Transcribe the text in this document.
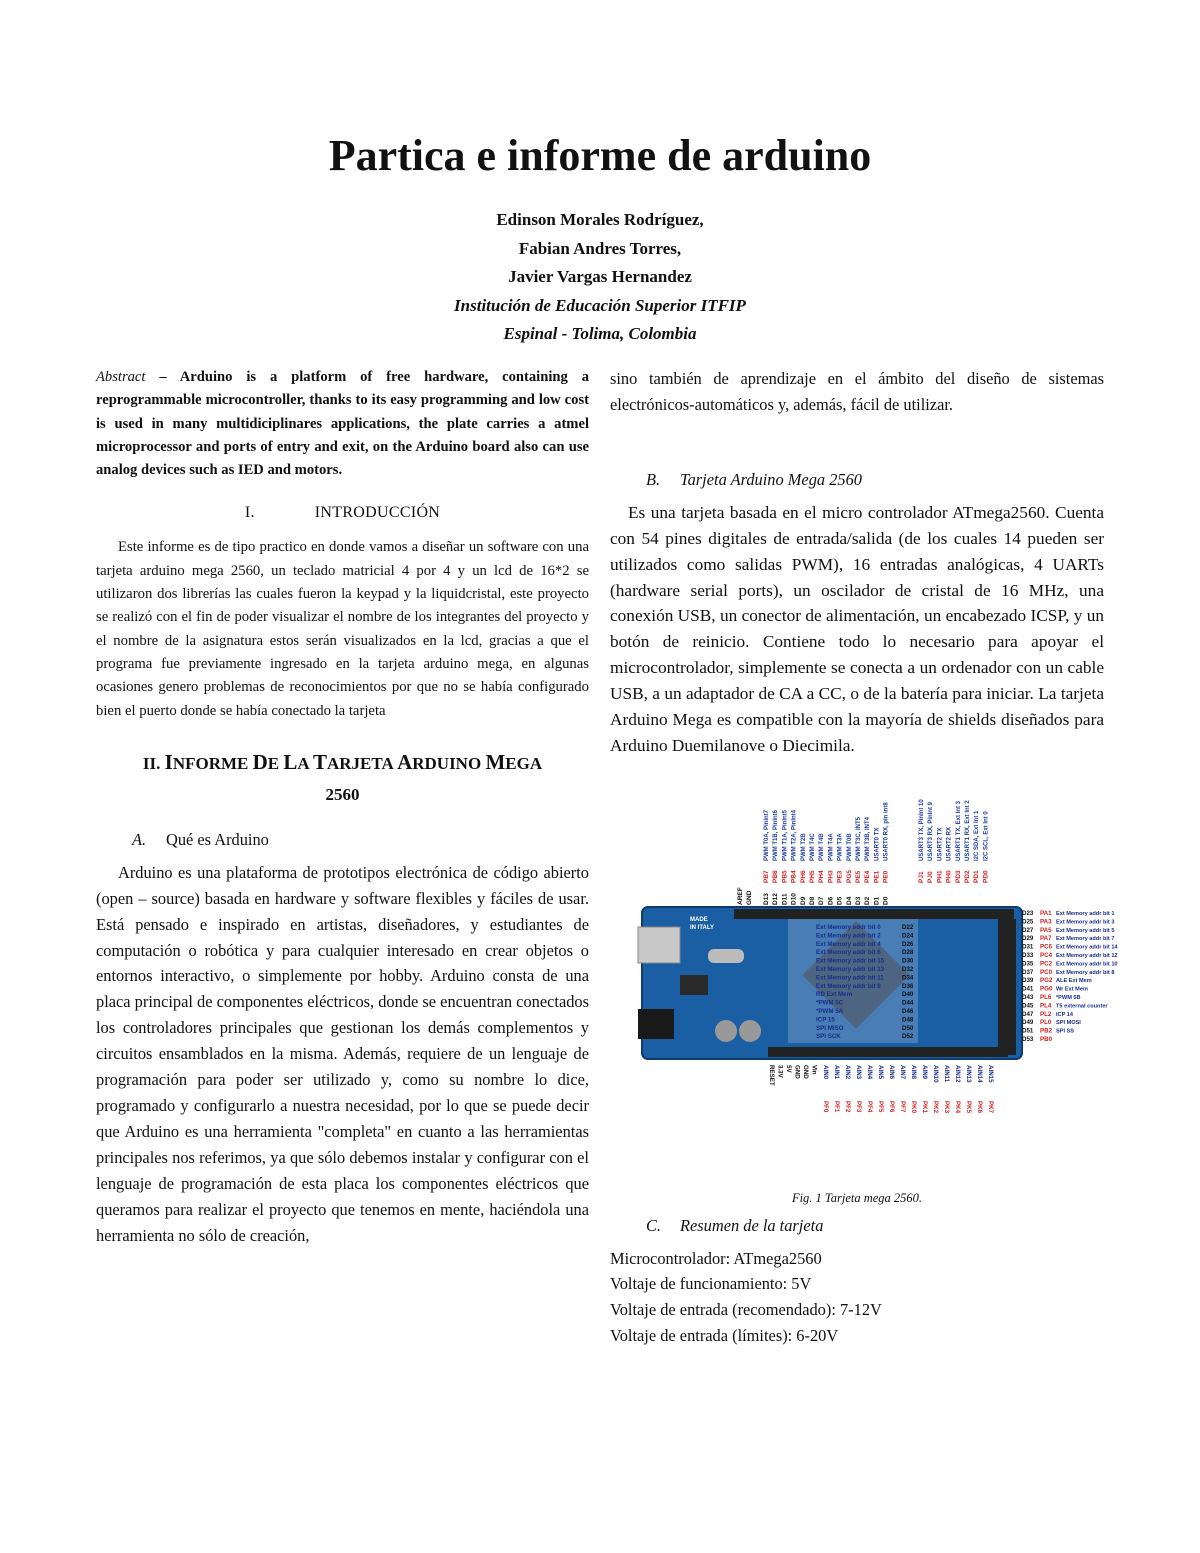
Partica e informe de arduino
Edinson Morales Rodríguez,
Fabian Andres Torres,
Javier Vargas Hernandez
Institución de Educación Superior ITFIP
Espinal - Tolima, Colombia

Abstract – Arduino is a platform of free hardware, containing a reprogrammable microcontroller, thanks to its easy programming and low cost is used in many multidiciplinares applications, the plate carries a atmel microprocessor and ports of entry and exit, on the Arduino board also can use analog devices such as IED and motors.

I.	INTRODUCCIÓN

Este informe es de tipo practico en donde vamos a diseñar un software con una tarjeta arduino mega 2560, un teclado matricial 4 por 4 y un lcd de 16*2 se utilizaron dos librerías las cuales fueron la keypad y la liquidcristal, este proyecto se realizó con el fin de poder visualizar el nombre de los integrantes del proyecto y el nombre de la asignatura estos serán visualizados en la lcd, gracias a que el programa fue previamente ingresado en la tarjeta arduino mega, en algunas ocasiones genero problemas de reconocimientos por que no se había configurado bien el puerto donde se había conectado la tarjeta

II. INFORME DE LA TARJETA ARDUINO MEGA
2560
A. Qué es Arduino

Arduino es una plataforma de prototipos electrónica de código abierto (open – source) basada en hardware y software flexibles y fáciles de usar. Está pensado e inspirado en artistas, diseñadores, y estudiantes de computación o robótica y para cualquier interesado en crear objetos o entornos interactivo, o simplemente por hobby. Arduino consta de una placa principal de componentes eléctricos, donde se encuentran conectados los controladores principales que gestionan los demás complementos y circuitos ensamblados en la misma. Además, requiere de un lenguaje de programación para poder ser utilizado y, como su nombre lo dice, programado y configurarlo a nuestra necesidad, por lo que se puede decir que Arduino es una herramienta "completa" en cuanto a las herramientas principales nos referimos, ya que sólo debemos instalar y configurar con el lenguaje de programación de esta placa los componentes eléctricos que queramos para realizar el proyecto que tenemos en mente, haciéndola una herramienta no sólo de creación,

sino también de aprendizaje en el ámbito del diseño de sistemas electrónicos-automáticos y, además, fácil de utilizar.

B. Tarjeta Arduino Mega 2560

Es una tarjeta basada en el micro controlador ATmega2560. Cuenta con 54 pines digitales de entrada/salida (de los cuales 14 pueden ser utilizados como salidas PWM), 16 entradas analógicas, 4 UARTs (hardware serial ports), un oscilador de cristal de 16 MHz, una conexión USB, un conector de alimentación, un encabezado ICSP, y un botón de reinicio. Contiene todo lo necesario para apoyar el microcontrolador, simplemente se conecta a un ordenador con un cable USB, a un adaptador de CA a CC, o de la batería para iniciar. La tarjeta Arduino Mega es compatible con la mayoría de shields diseñados para Arduino Duemilanove o Diecimila.

D13 D12 D11 D10 D9 D8 D7 D6 D5 D4 D3 D2 D1 D0
PB7 PB6 PB5 PB4 PH6 PH5 PH4 PH3 PE3 PG5 PE5 PE4 PE1 PE0
PWM T0A, PinInt7 PWM T1B, PinInt6 PWM T1A, PinInt5 PWM T2A, PinInt4 PWM T2B PWM T4C PWM T4B PWM T4A PWM T3A PWM T0B PWM T3C, INT5 PWM T3B, INT4 USART0 TX USART0 RX, pin int8
PJ1 PJ0 PH1 PH0 PD3 PD2 PD1 PD0
USART3 TX, PinInt 10 USART3 RX, PinInt 9 USART2 TX USART2 RX USART1 TX, Ext Int 3 USART1 RX, Ext Int 2 I2C SDA, Ext Int 1 I2C SCL, Ext Int 0
AREF GND
MADE
IN ITALY	Ext Memory addr bit 0
Ext Memory addr bit 2
Ext Memory addr bit 4
Ext Memory addr bit 6
Ext Memory addr bit 15
Ext Memory addr bit 13
Ext Memory addr bit 11
Ext Memory addr bit 9
RD Ext Mem
*PWM 5C
*PWM 5A
ICP 15
SPI MISO
SPI SCK
D22
D24
D26
D28
D30
D32
D34
D36
D40
D44
D46
D48
D50
D52
D23
D25
D27
D29
D31
D33
D35
D37
D39
D41
D43
D45
D47
D49
D51
D53
PA1
PA3
PA5
PA7
PC6
PC4
PC2
PC0
PG2
PG0
PL6
PL4
PL2
PL0
PB2
PB0
Ext Memory addr bit 1
Ext Memory addr bit 3
Ext Memory addr bit 5
Ext Memory addr bit 7
Ext Memory addr bit 14
Ext Memory addr bit 12
Ext Memory addr bit 10
Ext Memory addr bit 8
ALE Ext Mem
Wr Ext Mem
*PWM 5B
T5 external counter
ICP 14
SPI MOSI
SPI SS
RESET 3.3V 5V GND GND Vin AIN0 AIN1 AIN2 AIN3 AIN4 AIN5 AIN6 AIN7 AIN8 AIN9 AIN10 AIN11 AIN12 AIN13 AIN14 AIN15
PF0 PF1 PF2 PF3 PF4 PF5 PF6 PF7 PK0 PK1 PK2 PK3 PK4 PK5 PK6 PK7
Fig. 1 Tarjeta mega 2560.
C. Resumen de la tarjeta
Microcontrolador: ATmega2560
Voltaje de funcionamiento: 5V
Voltaje de entrada (recomendado): 7-12V
Voltaje de entrada (límites): 6-20V
